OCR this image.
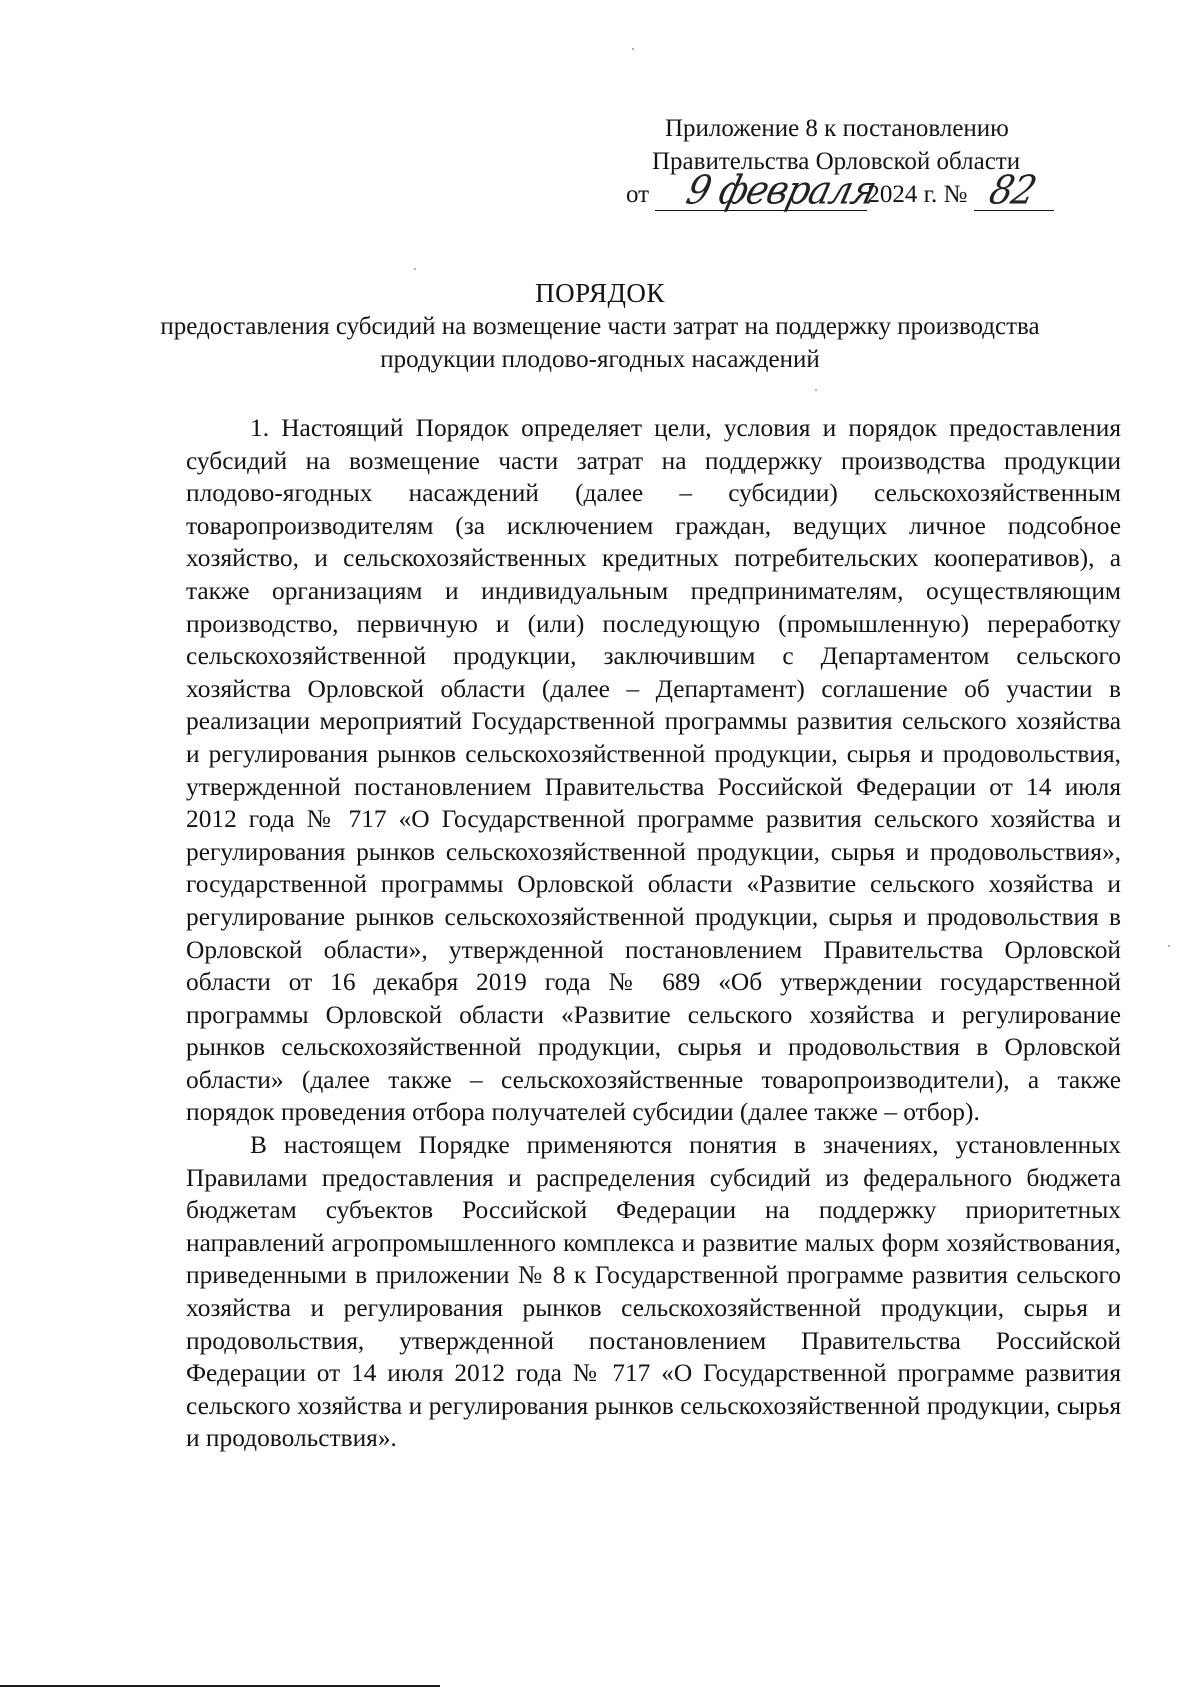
Приложение 8 к постановлению
Правительства Орловской области
от 9 февраля
2024 г. № 82
ПОРЯДОК
предоставления субсидий на возмещение части затрат на поддержку производства продукции плодово-ягодных насаждений

1. Настоящий Порядок определяет цели, условия и порядок предоставления субсидий на возмещение части затрат на поддержку производства продукции плодово-ягодных насаждений (далее – субсидии) сельскохозяйственным товаропроизводителям (за исключением граждан, ведущих личное подсобное хозяйство, и сельскохозяйственных кредитных потребительских кооперативов), а также организациям и индивидуальным предпринимателям, осуществляющим производство, первичную и (или) последующую (промышленную) переработку сельскохозяйственной продукции, заключившим с Департаментом сельского хозяйства Орловской области (далее – Департамент) соглашение об участии в реализации мероприятий Государственной программы развития сельского хозяйства и регулирования рынков сельскохозяйственной продукции, сырья и продовольствия, утвержденной постановлением Правительства Российской Федерации от 14 июля 2012 года № 717 «О Государственной программе развития сельского хозяйства и регулирования рынков сельскохозяйственной продукции, сырья и продовольствия», государственной программы Орловской области «Развитие сельского хозяйства и регулирование рынков сельскохозяйственной продукции, сырья и продовольствия в Орловской области», утвержденной постановлением Правительства Орловской области от 16 декабря 2019 года № 689 «Об утверждении государственной программы Орловской области «Развитие сельского хозяйства и регулирование рынков сельскохозяйственной продукции, сырья и продовольствия в Орловской области» (далее также – сельскохозяйственные товаропроизводители), а также порядок проведения отбора получателей субсидии (далее также – отбор).

В настоящем Порядке применяются понятия в значениях, установленных Правилами предоставления и распределения субсидий из федерального бюджета бюджетам субъектов Российской Федерации на поддержку приоритетных направлений агропромышленного комплекса и развитие малых форм хозяйствования, приведенными в приложении № 8 к Государственной программе развития сельского хозяйства и регулирования рынков сельскохозяйственной продукции, сырья и продовольствия, утвержденной постановлением Правительства Российской Федерации от 14 июля 2012 года № 717 «О Государственной программе развития сельского хозяйства и регулирования рынков сельскохозяйственной продукции, сырья и продовольствия».
